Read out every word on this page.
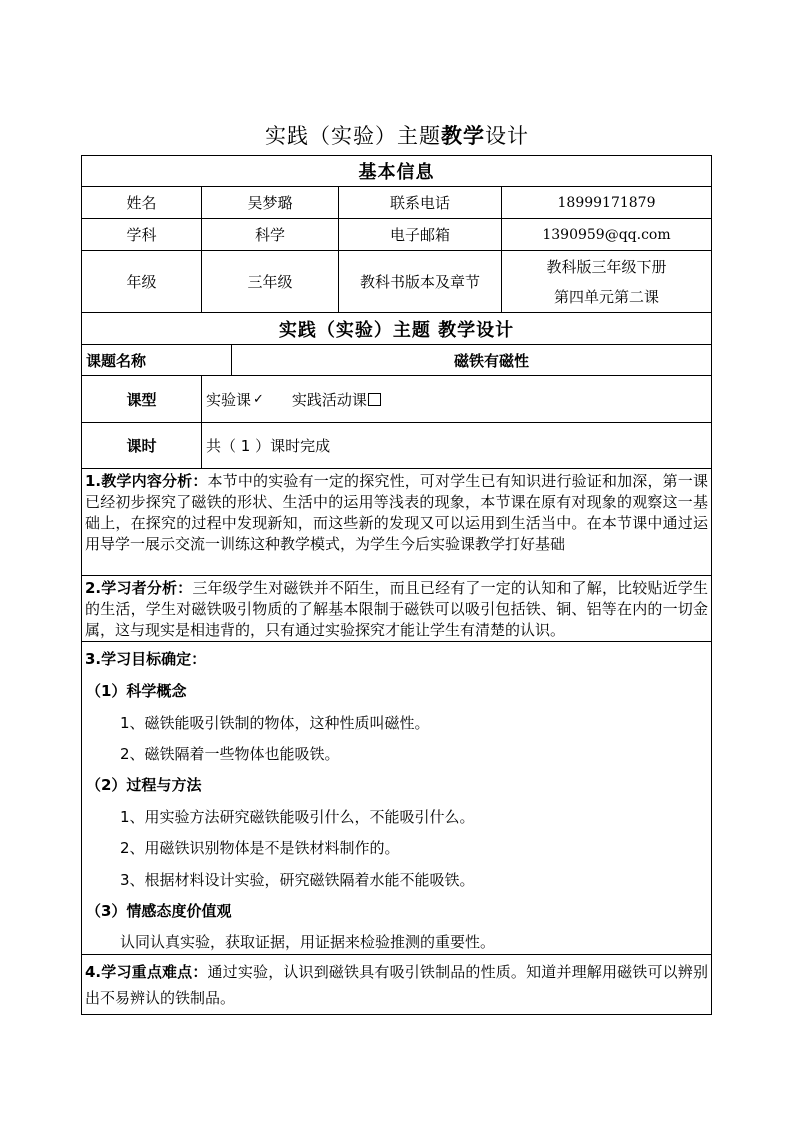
实践（实验）主题教学设计
基本信息
姓名	吴梦璐	联系电话	18999171879
学科	科学	电子邮箱	1390959@qq.com
年级	三年级	教科书版本及章节
教科版三年级下册
第四单元第二课
实践（实验）主题 教学设计
课题名称	磁铁有磁性
课型	实验课 ✓ 实践活动课
课时	共（ 1 ）课时完成
1.教学内容分析：本节中的实验有一定的探究性，可对学生已有知识进行验证和加深，第一课已经初步探究了磁铁的形状、生活中的运用等浅表的现象，本节课在原有对现象的观察这一基础上，在探究的过程中发现新知，而这些新的发现又可以运用到生活当中。在本节课中通过运用导学一展示交流一训练这种教学模式，为学生今后实验课教学打好基础
2.学习者分析：三年级学生对磁铁并不陌生，而且已经有了一定的认知和了解，比较贴近学生的生活，学生对磁铁吸引物质的了解基本限制于磁铁可以吸引包括铁、铜、铝等在内的一切金属，这与现实是相违背的，只有通过实验探究才能让学生有清楚的认识。
3.学习目标确定：
（1）科学概念
1、磁铁能吸引铁制的物体，这种性质叫磁性。
2、磁铁隔着一些物体也能吸铁。
（2）过程与方法
1、用实验方法研究磁铁能吸引什么，不能吸引什么。
2、用磁铁识别物体是不是铁材料制作的。
3、根据材料设计实验，研究磁铁隔着水能不能吸铁。
（3）情感态度价值观
认同认真实验，获取证据，用证据来检验推测的重要性。
4.学习重点难点：通过实验，认识到磁铁具有吸引铁制品的性质。知道并理解用磁铁可以辨别出不易辨认的铁制品。
